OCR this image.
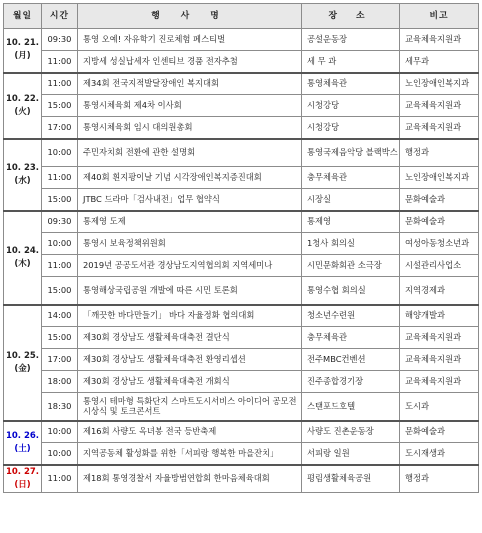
월일	시간	행 사 명	장 소	비고
10. 21.
(月)	09:30	통영 오예! 자유학기 진로체험 페스티벌	공설운동장	교육체육지원과
	11:00	지방세 성실납세자 인센티브 경품 전자추첨	세 무 과	세무과
10. 22.
(火)	11:00	제34회 전국지적발달장애인 복지대회	통영체육관	노인장애인복지과
	15:00	통영시체육회 제4차 이사회	시청강당	교육체육지원과
	17:00	통영시체육회 임시 대의원총회	시청강당	교육체육지원과
10. 23.
(水)	10:00	주민자치회 전환에 관한 설명회	통영국제음악당 블랙박스	행정과
	11:00	제40회 흰지팡이날 기념 시각장애인복지증진대회	충무체육관	노인장애인복지과
	15:00	JTBC 드라마「검사내전」업무 협약식	시장실	문화예술과
10. 24.
(木)	09:30	통제영 도제	통제영	문화예술과
	10:00	통영시 보육정책위원회	1청사 회의실	여성아동청소년과
	11:00	2019년 공공도서관 경상남도지역협의회 지역세미나	시민문화회관 소극장	시설관리사업소
	15:00	통영해상국립공원 개발에 따른 시민 토론회	통영수협 회의실	지역경제과
10. 25.
(金)	14:00	「깨끗한 바다만들기」 바다 자율정화 협의대회	청소년수련원	해양개발과
	15:00	제30회 경상남도 생활체육대축전 결단식	충무체육관	교육체육지원과
	17:00	제30회 경상남도 생활체육대축전 환영리셉션	전주MBC컨벤션	교육체육지원과
	18:00	제30회 경상남도 생활체육대축전 개회식	진주종합경기장	교육체육지원과
	18:30	통영시 테마형 특화단지 스마트도시서비스 아이디어 공모전 시상식 및 토크콘서트	스탠포드호텔	도시과
10. 26.
(土)	10:00	제16회 사량도 옥녀봉 전국 등반축제	사량도 진촌운동장	문화예술과
	10:00	지역공동체 활성화를 위한「서피랑 행복한 마을잔치」	서피랑 일원	도시재생과
10. 27.
(日)	11:00	제18회 통영경찰서 자율방범연합회 한마음체육대회	평림생활체육공원	행정과
